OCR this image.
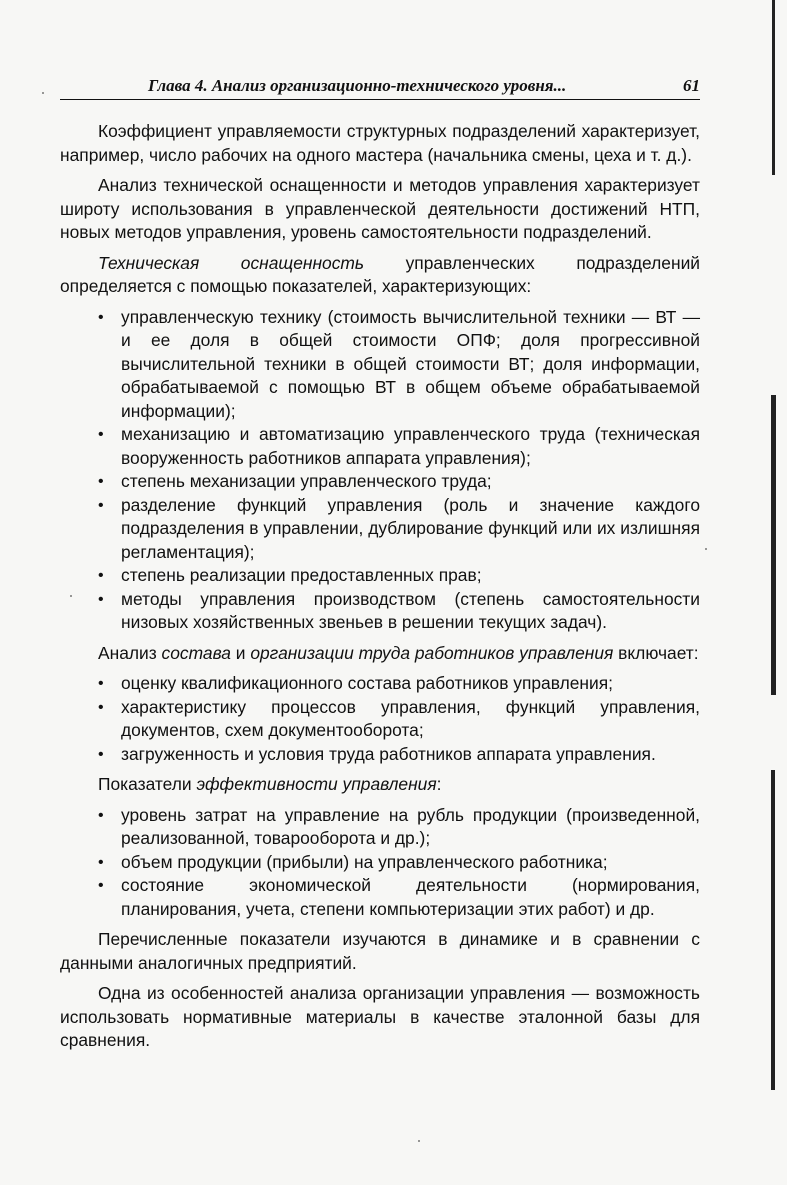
Глава 4. Анализ организационно-технического уровня...	61

Коэффициент управляемости структурных подразделений характеризует, например, число рабочих на одного мастера (начальника смены, цеха и т. д.).

Анализ технической оснащенности и методов управления характеризует широту использования в управленческой деятельности достижений НТП, новых методов управления, уровень самостоятельности подразделений.

Техническая оснащенность управленческих подразделений определяется с помощью показателей, характеризующих:

• управленческую технику (стоимость вычислительной техники — ВТ — и ее доля в общей стоимости ОПФ; доля прогрессивной вычислительной техники в общей стоимости ВТ; доля информации, обрабатываемой с помощью ВТ в общем объеме обрабатываемой информации);
• механизацию и автоматизацию управленческого труда (техническая вооруженность работников аппарата управления);
• степень механизации управленческого труда;
• разделение функций управления (роль и значение каждого подразделения в управлении, дублирование функций или их излишняя регламентация);
• степень реализации предоставленных прав;
• методы управления производством (степень самостоятельности низовых хозяйственных звеньев в решении текущих задач).

Анализ состава и организации труда работников управления включает:

• оценку квалификационного состава работников управления;
• характеристику процессов управления, функций управления, документов, схем документооборота;
• загруженность и условия труда работников аппарата управления.

Показатели эффективности управления:

• уровень затрат на управление на рубль продукции (произведенной, реализованной, товарооборота и др.);
• объем продукции (прибыли) на управленческого работника;
• состояние экономической деятельности (нормирования, планирования, учета, степени компьютеризации этих работ) и др.

Перечисленные показатели изучаются в динамике и в сравнении с данными аналогичных предприятий.

Одна из особенностей анализа организации управления — возможность использовать нормативные материалы в качестве эталонной базы для сравнения.
